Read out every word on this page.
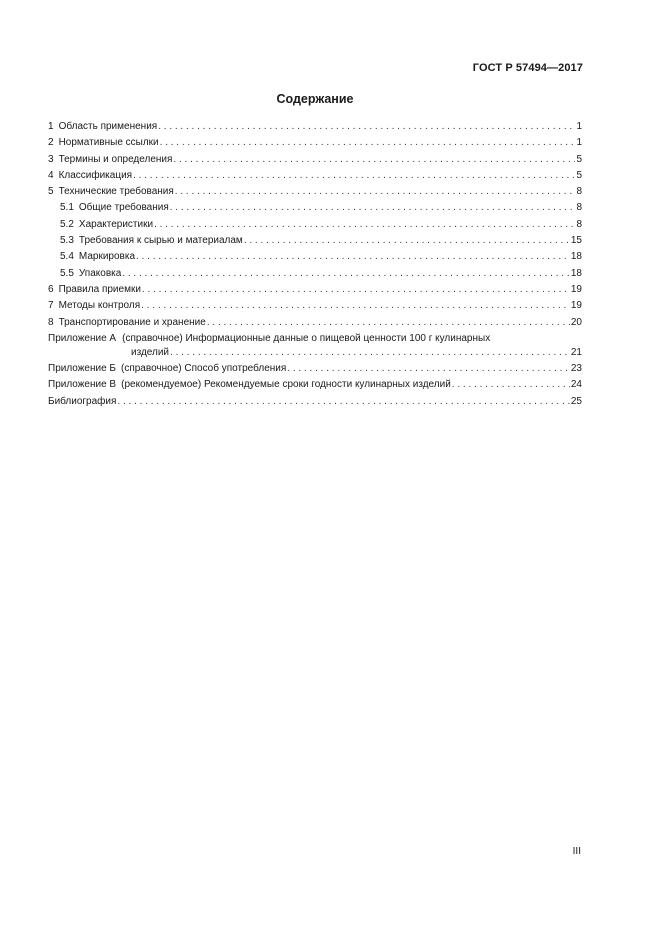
ГОСТ Р 57494—2017
Содержание
1 Область применения . . .	1
2 Нормативные ссылки . . .	1
3 Термины и определения . . .	5
4 Классификация . . .	5
5 Технические требования . . .	8
5.1 Общие требования . . .	8
5.2 Характеристики . . .	8
5.3 Требования к сырью и материалам . . .	15
5.4 Маркировка . . .	18
5.5 Упаковка . . .	18
6 Правила приемки . . .	19
7 Методы контроля . . .	19
8 Транспортирование и хранение . . .	20
Приложение А (справочное) Информационные данные о пищевой ценности 100 г кулинарных
изделий . . .	21
Приложение Б (справочное) Способ употребления . . .	23
Приложение В (рекомендуемое) Рекомендуемые сроки годности кулинарных изделий . . .	24
Библиография . . .	25
III
